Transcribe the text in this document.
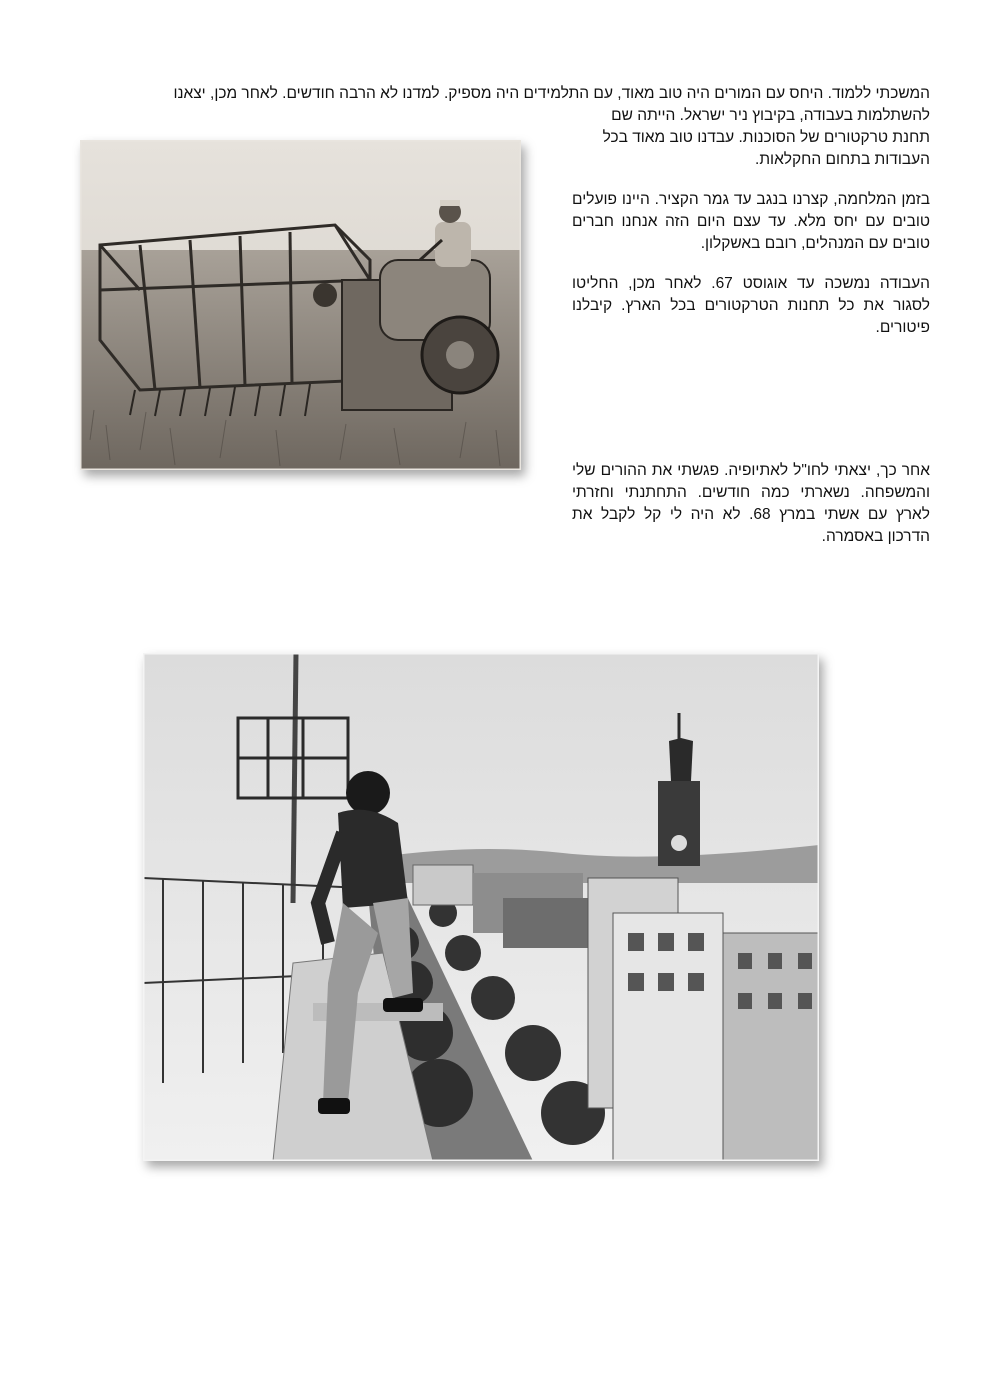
המשכתי ללמוד. היחס עם המורים היה טוב מאוד, עם התלמידים היה מספיק. למדנו לא הרבה חודשים. לאחר מכן, יצאנו

להשתלמות בעבודה, בקיבוץ ניר ישראל. הייתה שם תחנת טרקטורים של הסוכנות. עבדנו טוב מאוד בכל העבודות בתחום החקלאות.

בזמן המלחמה, קצרנו בנגב עד גמר הקציר. היינו פועלים טובים עם יחס מלא. עד עצם היום הזה אנחנו חברים טובים עם המנהלים, רובם באשקלון.

העבודה נמשכה עד אוגוסט 67. לאחר מכן, החליטו לסגור את כל תחנות הטרקטורים בכל הארץ. קיבלנו פיטורים.

אחר כך, יצאתי לחו"ל לאתיופיה. פגשתי את ההורים שלי והמשפחה. נשארתי כמה חודשים. התחתנתי וחזרתי לארץ עם אשתי במרץ 68. לא היה לי קל לקבל את הדרכון באסמרה.
